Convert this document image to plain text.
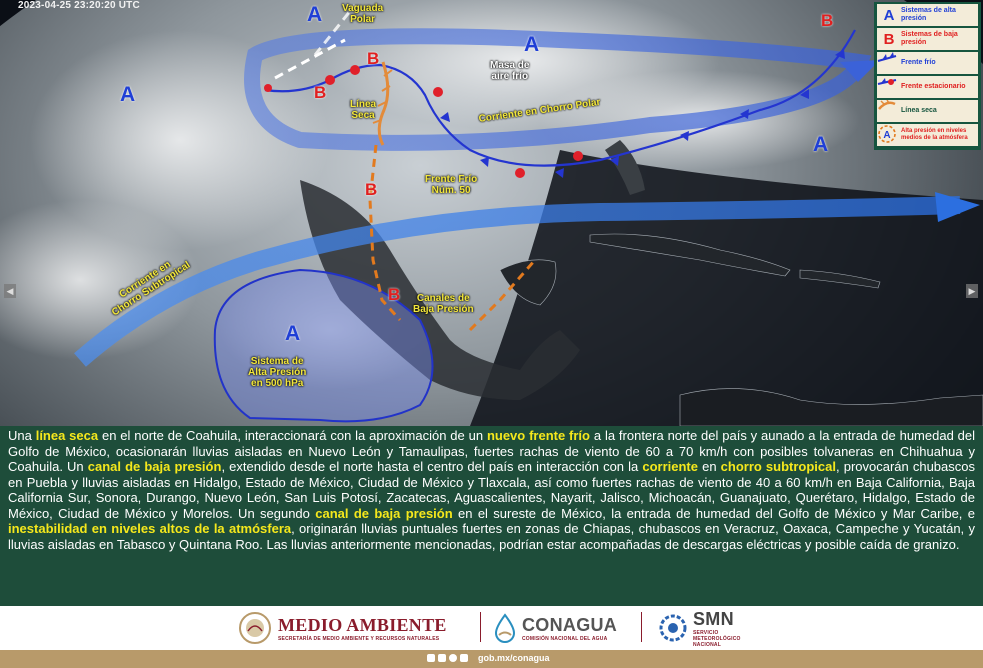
2023-04-25 23:20:20 UTC	A
A
A
A
A
B
B
B
B
B
Vaguada
Polar
Masa de
aire frío
Línea
Seca	Corriente en Chorro Polar
Frente Frío
Núm. 50
Canales de
Baja Presión
Corriente en
Chorro Subtropical
Sistema de
Alta Presión
en 500 hPa
◀	▶
A Sistemas de alta presión
B Sistemas de baja presión
Frente frío
Frente estacionario
Línea seca
A Alta presión en niveles medios de la atmósfera

Una línea seca en el norte de Coahuila, interaccionará con la aproximación de un nuevo frente frío a la frontera norte del país y aunado a la entrada de humedad del Golfo de México, ocasionarán lluvias aisladas en Nuevo León y Tamaulipas, fuertes rachas de viento de 60 a 70 km/h con posibles tolvaneras en Chihuahua y Coahuila. Un canal de baja presión, extendido desde el norte hasta el centro del país en interacción con la corriente en chorro subtropical, provocarán chubascos en Puebla y lluvias aisladas en Hidalgo, Estado de México, Ciudad de México y Tlaxcala, así como fuertes rachas de viento de 40 a 60 km/h en Baja California, Baja California Sur, Sonora, Durango, Nuevo León, San Luis Potosí, Zacatecas, Aguascalientes, Nayarit, Jalisco, Michoacán, Guanajuato, Querétaro, Hidalgo, Estado de México, Ciudad de México y Morelos. Un segundo canal de baja presión en el sureste de México, la entrada de humedad del Golfo de México y Mar Caribe, e inestabilidad en niveles altos de la atmósfera, originarán lluvias puntuales fuertes en zonas de Chiapas, chubascos en Veracruz, Oaxaca, Campeche y Yucatán, y lluvias aisladas en Tabasco y Quintana Roo. Las lluvias anteriormente mencionadas, podrían estar acompañadas de descargas eléctricas y posible caída de granizo.

MEDIO AMBIENTE
SECRETARÍA DE MEDIO AMBIENTE Y RECURSOS NATURALES
CONAGUA
COMISIÓN NACIONAL DEL AGUA
SMN
SERVICIO METEOROLÓGICO NACIONAL
gob.mx/conagua
